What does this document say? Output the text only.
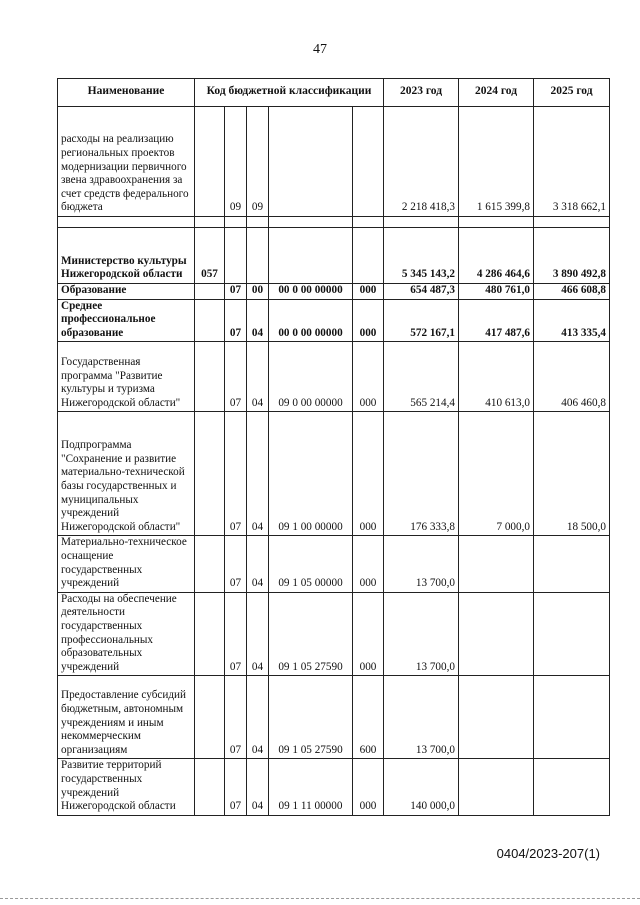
47
Наименование	Код бюджетной классификации					2023 год	2024 год	2025 год
расходы на реализацию региональных проектов модернизации первичного звена здравоохранения за счет средств федерального бюджета		09	09			2 218 418,3	1 615 399,8	3 318 662,1

Министерство культуры Нижегородской области	057					5 345 143,2	4 286 464,6	3 890 492,8
Образование		07	00	00 0 00 00000	000	654 487,3	480 761,0	466 608,8
Среднее профессиональное образование		07	04	00 0 00 00000	000	572 167,1	417 487,6	413 335,4
Государственная программа "Развитие культуры и туризма Нижегородской области"		07	04	09 0 00 00000	000	565 214,4	410 613,0	406 460,8
Подпрограмма "Сохранение и развитие материально-технической базы государственных и муниципальных учреждений Нижегородской области"		07	04	09 1 00 00000	000	176 333,8	7 000,0	18 500,0
Материально-техническое оснащение государственных учреждений		07	04	09 1 05 00000	000	13 700,0		
Расходы на обеспечение деятельности государственных профессиональных образовательных учреждений		07	04	09 1 05 27590	000	13 700,0		
Предоставление субсидий бюджетным, автономным учреждениям и иным некоммерческим организациям		07	04	09 1 05 27590	600	13 700,0		
Развитие территорий государственных учреждений Нижегородской области		07	04	09 1 11 00000	000	140 000,0		
0404/2023-207(1)
